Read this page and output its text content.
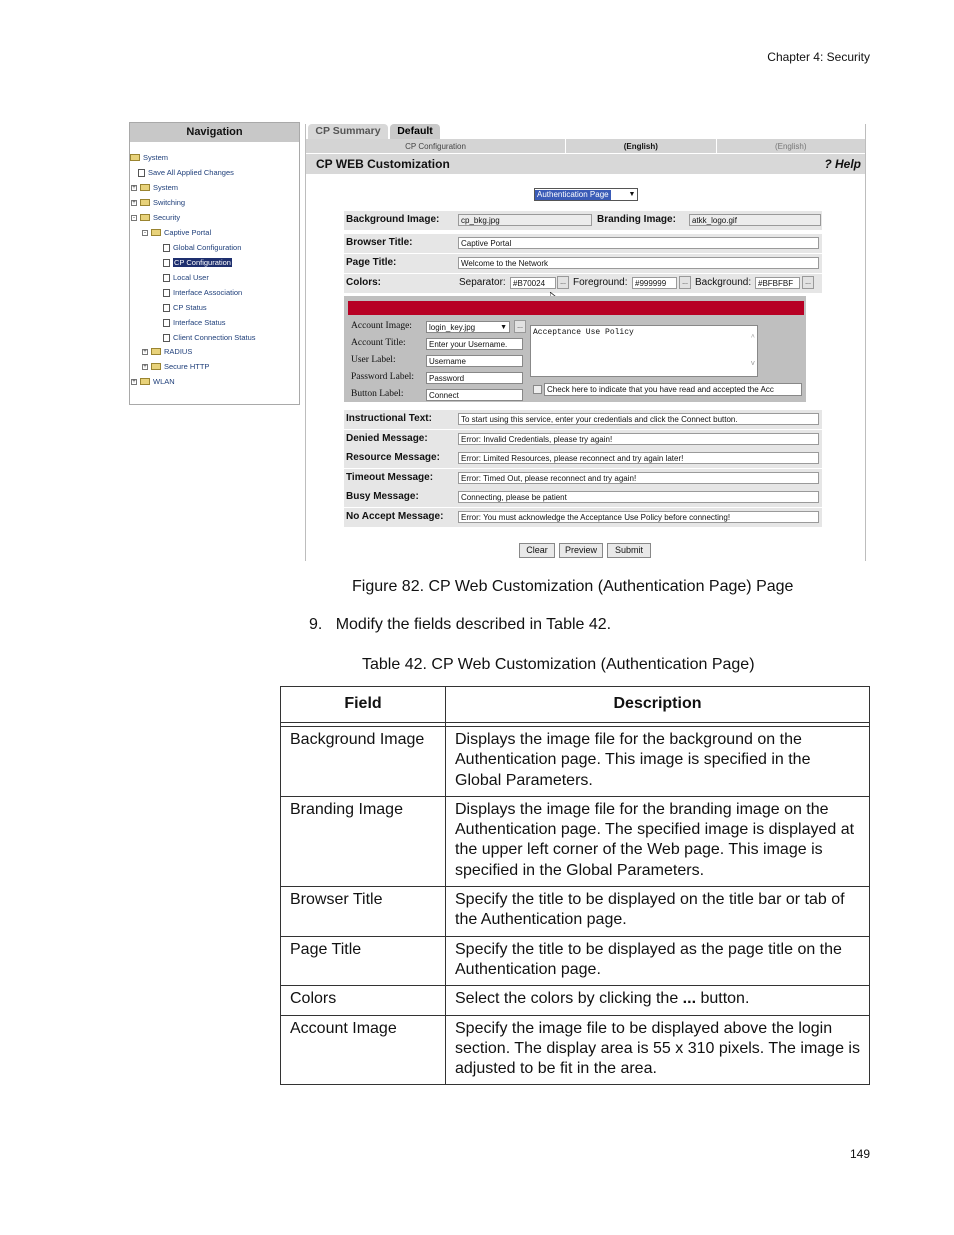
Chapter 4: Security
Navigation
System
Save All Applied Changes
+ System
+ Switching
- Security
- Captive Portal
Global Configuration
CP Configuration
Local User
Interface Association
CP Status
Interface Status
Client Connection Status
+ RADIUS
+ Secure HTTP
+ WLAN
CP Summary	Default
CP Configuration	(English)	(English)
CP WEB Customization	? Help
Authentication Page	▼
Background Image:	cp_bkg.jpg	Branding Image:	atkk_logo.gif
Browser Title:	Captive Portal
Page Title:	Welcome to the Network
Colors:	Separator: #B70024	... Foreground: #999999	... Background: #BFBFBF	...
Account Image:	login_key.jpg	▼	...
Account Title:	Enter your Username.
User Label:	Username
Password Label:	Password
Button Label:	Connect
Acceptance Use Policy
^
v
Check here to indicate that you have read and accepted the Acc
Instructional Text:	To start using this service, enter your credentials and click the Connect button.
Denied Message:	Error: Invalid Credentials, please try again!
Resource Message:	Error: Limited Resources, please reconnect and try again later!
Timeout Message:	Error: Timed Out, please reconnect and try again!
Busy Message:	Connecting, please be patient
No Accept Message:	Error: You must acknowledge the Acceptance Use Policy before connecting!
Clear	Preview	Submit
Figure 82. CP Web Customization (Authentication Page) Page
9. Modify the fields described in Table 42.
Table 42. CP Web Customization (Authentication Page)
Field	Description

Background Image	Displays the image file for the background on the Authentication page. This image is specified in the Global Parameters.
Branding Image	Displays the image file for the branding image on the Authentication page. The specified image is displayed at the upper left corner of the Web page. This image is specified in the Global Parameters.
Browser Title	Specify the title to be displayed on the title bar or tab of the Authentication page.
Page Title	Specify the title to be displayed as the page title on the Authentication page.
Colors	Select the colors by clicking the ... button.
Account Image	Specify the image file to be displayed above the login section. The display area is 55 x 310 pixels. The image is adjusted to be fit in the area.
149
